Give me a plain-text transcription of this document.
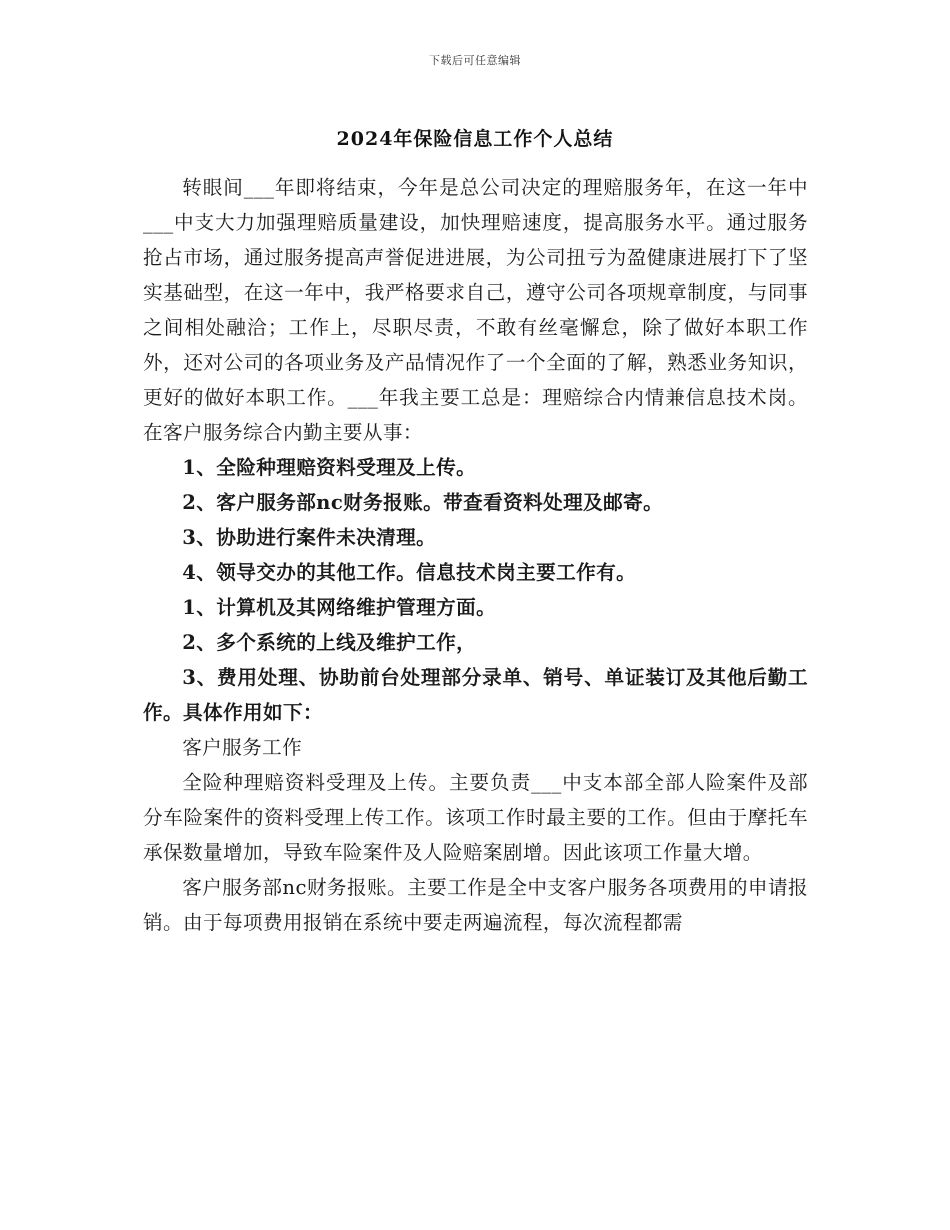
下载后可任意编辑
2024年保险信息工作个人总结

转眼间___年即将结束，今年是总公司决定的理赔服务年，在这一年中___中支大力加强理赔质量建设，加快理赔速度，提高服务水平。通过服务抢占市场，通过服务提高声誉促进进展，为公司扭亏为盈健康进展打下了坚实基础型，在这一年中，我严格要求自己，遵守公司各项规章制度，与同事之间相处融洽；工作上，尽职尽责，不敢有丝毫懈怠，除了做好本职工作外，还对公司的各项业务及产品情况作了一个全面的了解，熟悉业务知识，更好的做好本职工作。___年我主要工总是：理赔综合内情兼信息技术岗。在客户服务综合内勤主要从事：

1、全险种理赔资料受理及上传。

2、客户服务部nc财务报账。带查看资料处理及邮寄。

3、协助进行案件未决清理。

4、领导交办的其他工作。信息技术岗主要工作有。

1、计算机及其网络维护管理方面。

2、多个系统的上线及维护工作，

3、费用处理、协助前台处理部分录单、销号、单证装订及其他后勤工作。具体作用如下：

客户服务工作

全险种理赔资料受理及上传。主要负责___中支本部全部人险案件及部分车险案件的资料受理上传工作。该项工作时最主要的工作。但由于摩托车承保数量增加，导致车险案件及人险赔案剧增。因此该项工作量大增。

客户服务部nc财务报账。主要工作是全中支客户服务各项费用的申请报销。由于每项费用报销在系统中要走两遍流程，每次流程都需
